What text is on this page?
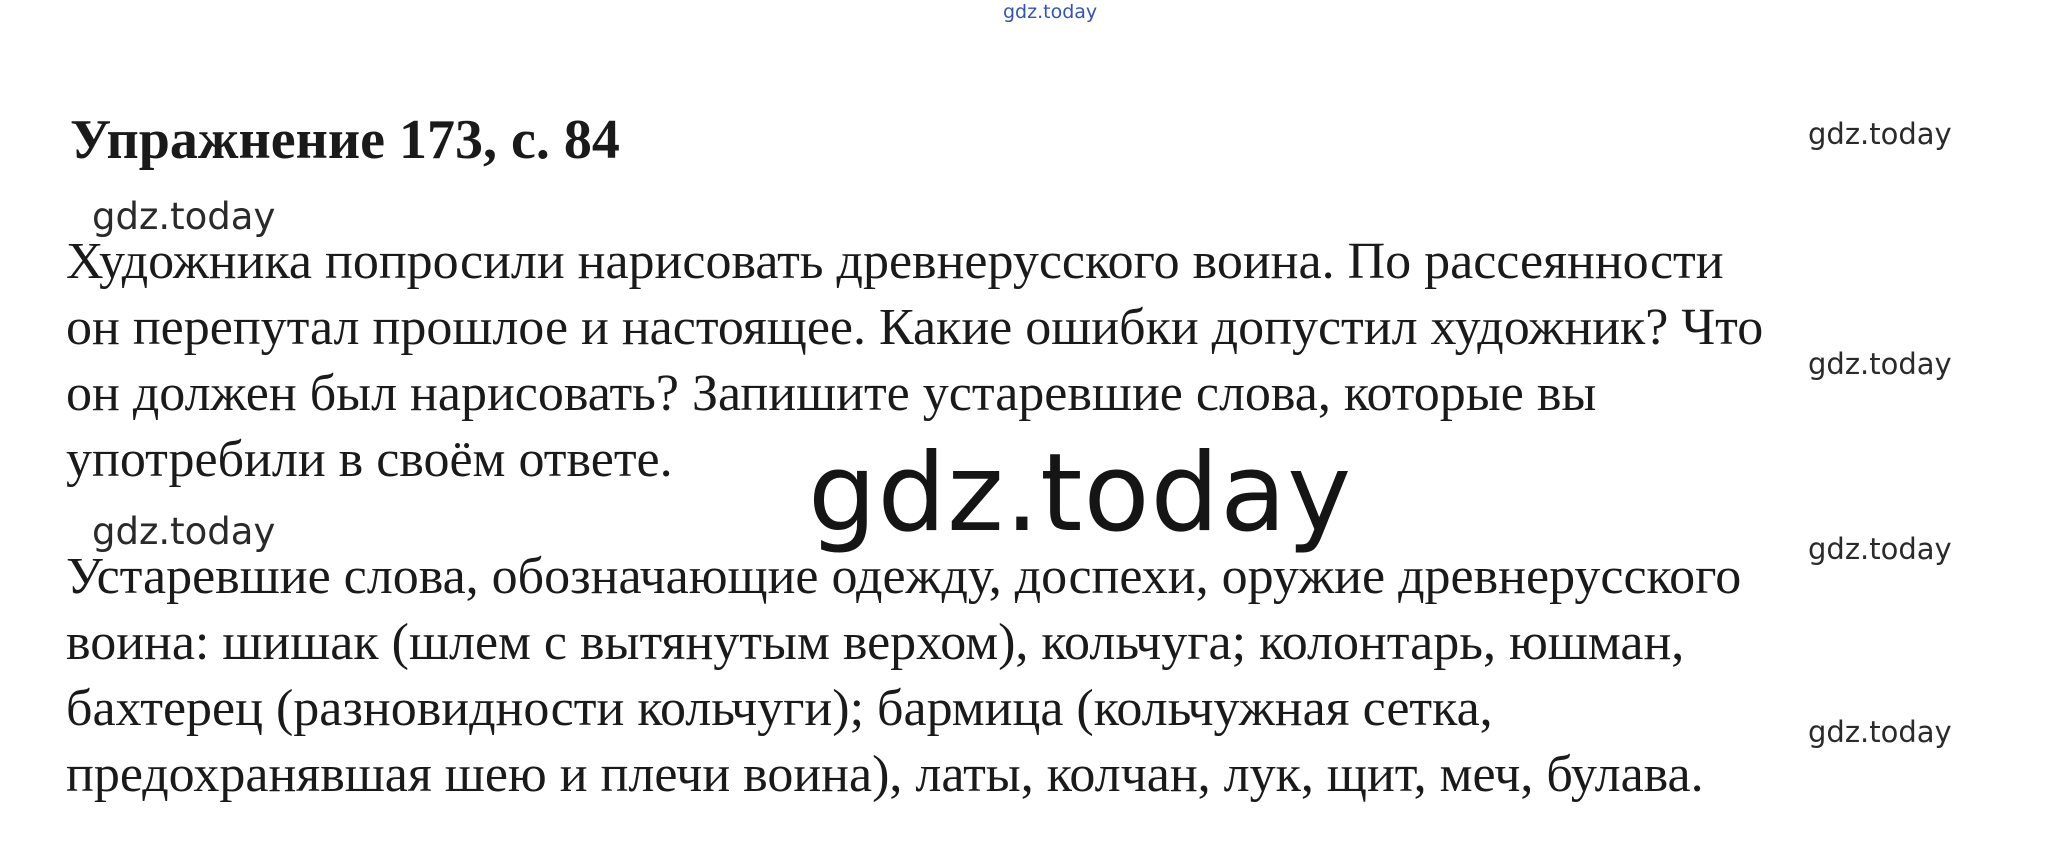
gdz.today
Упражнение 173, с. 84	gdz.today
gdz.today

Художника попросили нарисовать древнерусского воина. По рассеянности
он перепутал прошлое и настоящее. Какие ошибки допустил художник? Что
он должен был нарисовать? Запишите устаревшие слова, которые вы
употребили в своём ответе.

gdz.today
gdz.today
gdz.today	gdz.today

Устаревшие слова, обозначающие одежду, доспехи, оружие древнерусского
воина: шишак (шлем с вытянутым верхом), кольчуга; колонтарь, юшман,
бахтерец (разновидности кольчуги); бармица (кольчужная сетка,
предохранявшая шею и плечи воина), латы, колчан, лук, щит, меч, булава.

gdz.today
